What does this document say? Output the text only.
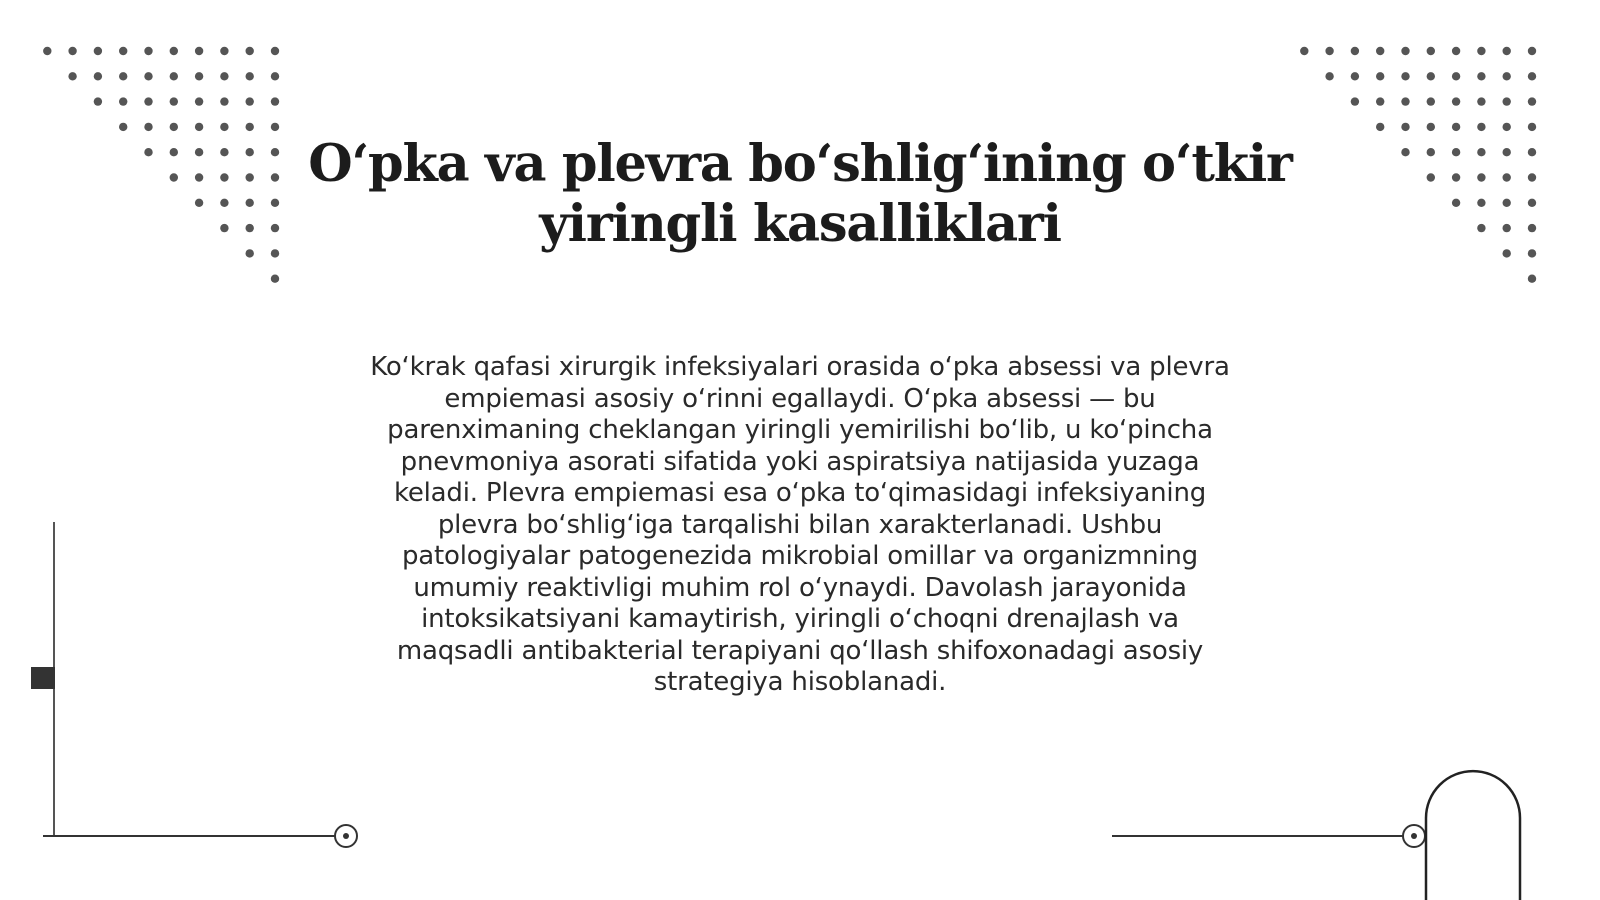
O‘pka va plevra bo‘shlig‘ining o‘tkir
yiringli kasalliklari

Ko‘krak qafasi xirurgik infeksiyalari orasida o‘pka absessi va plevra empiemasi asosiy o‘rinni egallaydi. O‘pka absessi — bu parenximaning cheklangan yiringli yemirilishi bo‘lib, u ko‘pincha pnevmoniya asorati sifatida yoki aspiratsiya natijasida yuzaga keladi. Plevra empiemasi esa o‘pka to‘qimasidagi infeksiyaning plevra bo‘shlig‘iga tarqalishi bilan xarakterlanadi. Ushbu patologiyalar patogenezida mikrobial omillar va organizmning umumiy reaktivligi muhim rol o‘ynaydi. Davolash jarayonida intoksikatsiyani kamaytirish, yiringli o‘choqni drenajlash va maqsadli antibakterial terapiyani qo‘llash shifoxonadagi asosiy strategiya hisoblanadi.
